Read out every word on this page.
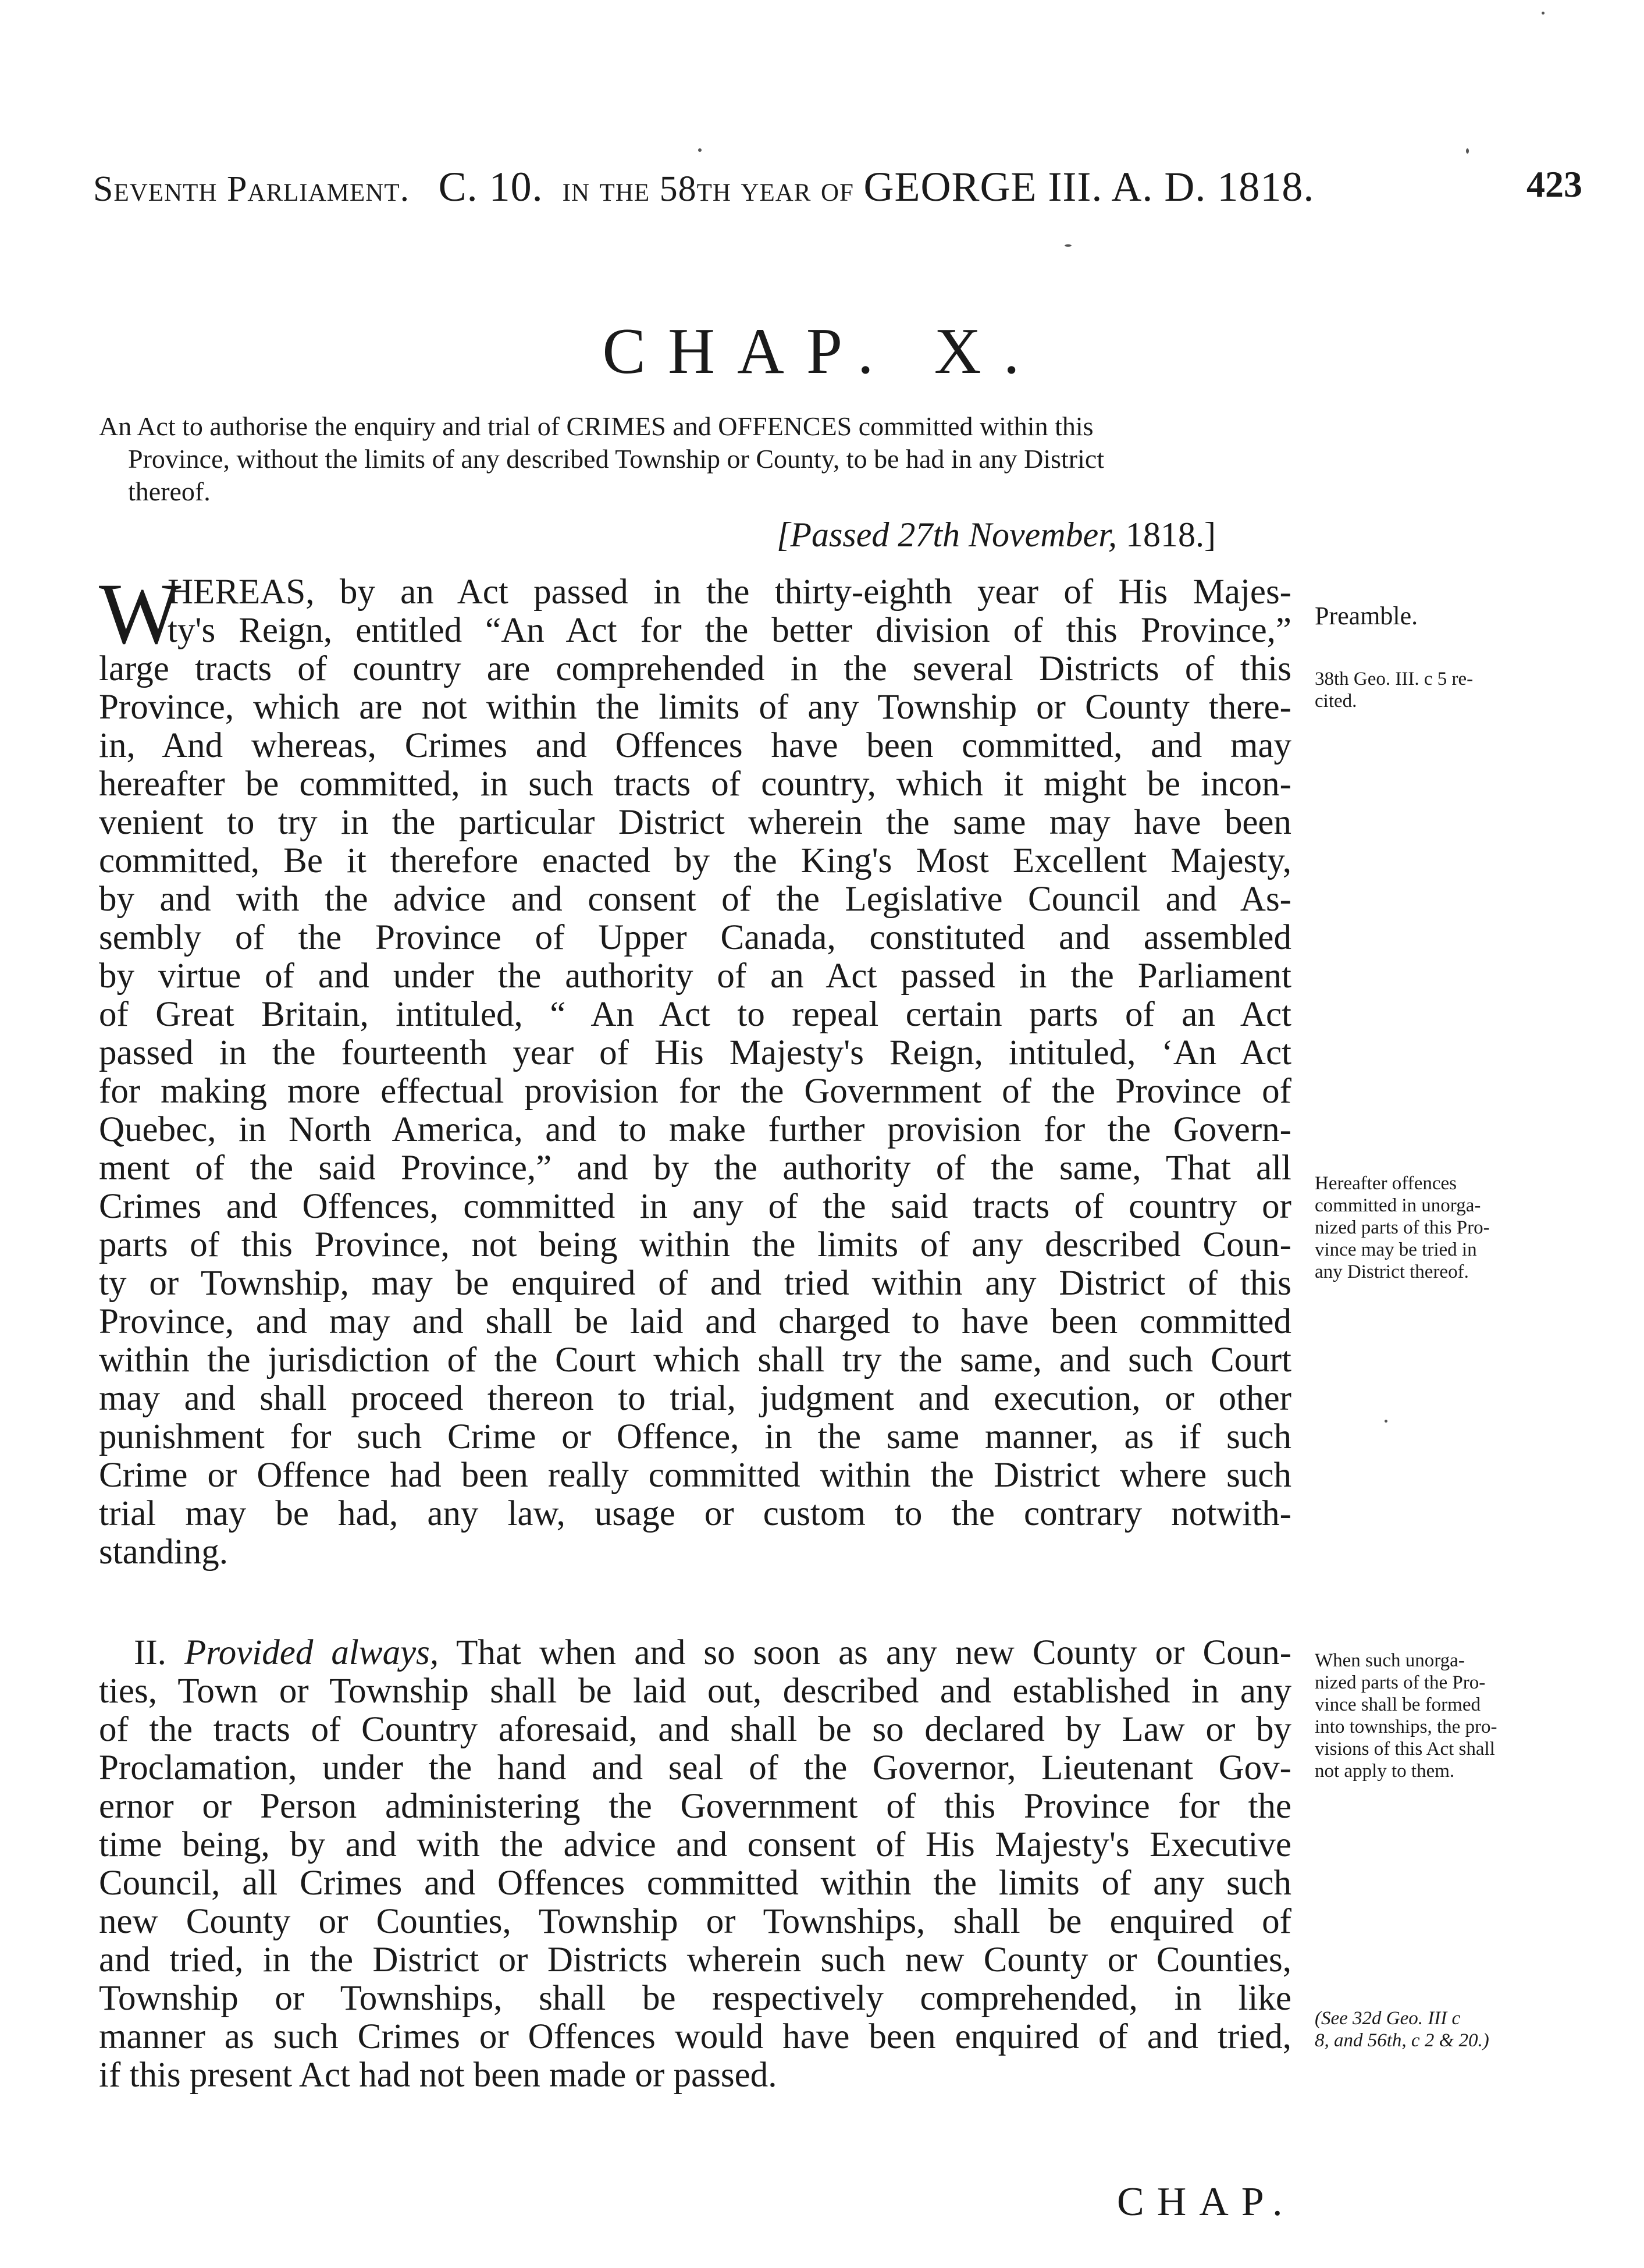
Seventh Parliament. C. 10. in the 58th year of GEORGE III. A. D. 1818.	423
CHAP. X.
An Act to authorise the enquiry and trial of CRIMES and OFFENCES committed within this
Province, without the limits of any described Township or County, to be had in any District
thereof.
[Passed 27th November, 1818.]
W
HEREAS, by an Act passed in the thirty-eighth year of His Majes-
ty's Reign, entitled “An Act for the better division of this Province,”
large tracts of country are comprehended in the several Districts of this
Province, which are not within the limits of any Township or County there-
in, And whereas, Crimes and Offences have been committed, and may
hereafter be committed, in such tracts of country, which it might be incon-
venient to try in the particular District wherein the same may have been
committed, Be it therefore enacted by the King's Most Excellent Majesty,
by and with the advice and consent of the Legislative Council and As-
sembly of the Province of Upper Canada, constituted and assembled
by virtue of and under the authority of an Act passed in the Parliament
of Great Britain, intituled, “ An Act to repeal certain parts of an Act
passed in the fourteenth year of His Majesty's Reign, intituled, ‘An Act
for making more effectual provision for the Government of the Province of
Quebec, in North America, and to make further provision for the Govern-
ment of the said Province,” and by the authority of the same, That all
Crimes and Offences, committed in any of the said tracts of country or
parts of this Province, not being within the limits of any described Coun-
ty or Township, may be enquired of and tried within any District of this
Province, and may and shall be laid and charged to have been committed
within the jurisdiction of the Court which shall try the same, and such Court
may and shall proceed thereon to trial, judgment and execution, or other
punishment for such Crime or Offence, in the same manner, as if such
Crime or Offence had been really committed within the District where such
trial may be had, any law, usage or custom to the contrary notwith-
standing.
II. Provided always, That when and so soon as any new County or Coun-
ties, Town or Township shall be laid out, described and established in any
of the tracts of Country aforesaid, and shall be so declared by Law or by
Proclamation, under the hand and seal of the Governor, Lieutenant Gov-
ernor or Person administering the Government of this Province for the
time being, by and with the advice and consent of His Majesty's Executive
Council, all Crimes and Offences committed within the limits of any such
new County or Counties, Township or Townships, shall be enquired of
and tried, in the District or Districts wherein such new County or Counties,
Township or Townships, shall be respectively comprehended, in like
manner as such Crimes or Offences would have been enquired of and tried,
if this present Act had not been made or passed.
Preamble.
38th Geo. III. c 5 re-
cited.
Hereafter offences
committed in unorga-
nized parts of this Pro-
vince may be tried in
any District thereof.
When such unorga-
nized parts of the Pro-
vince shall be formed
into townships, the pro-
visions of this Act shall
not apply to them.
(See 32d Geo. III c
8, and 56th, c 2 & 20.)
CHAP.
